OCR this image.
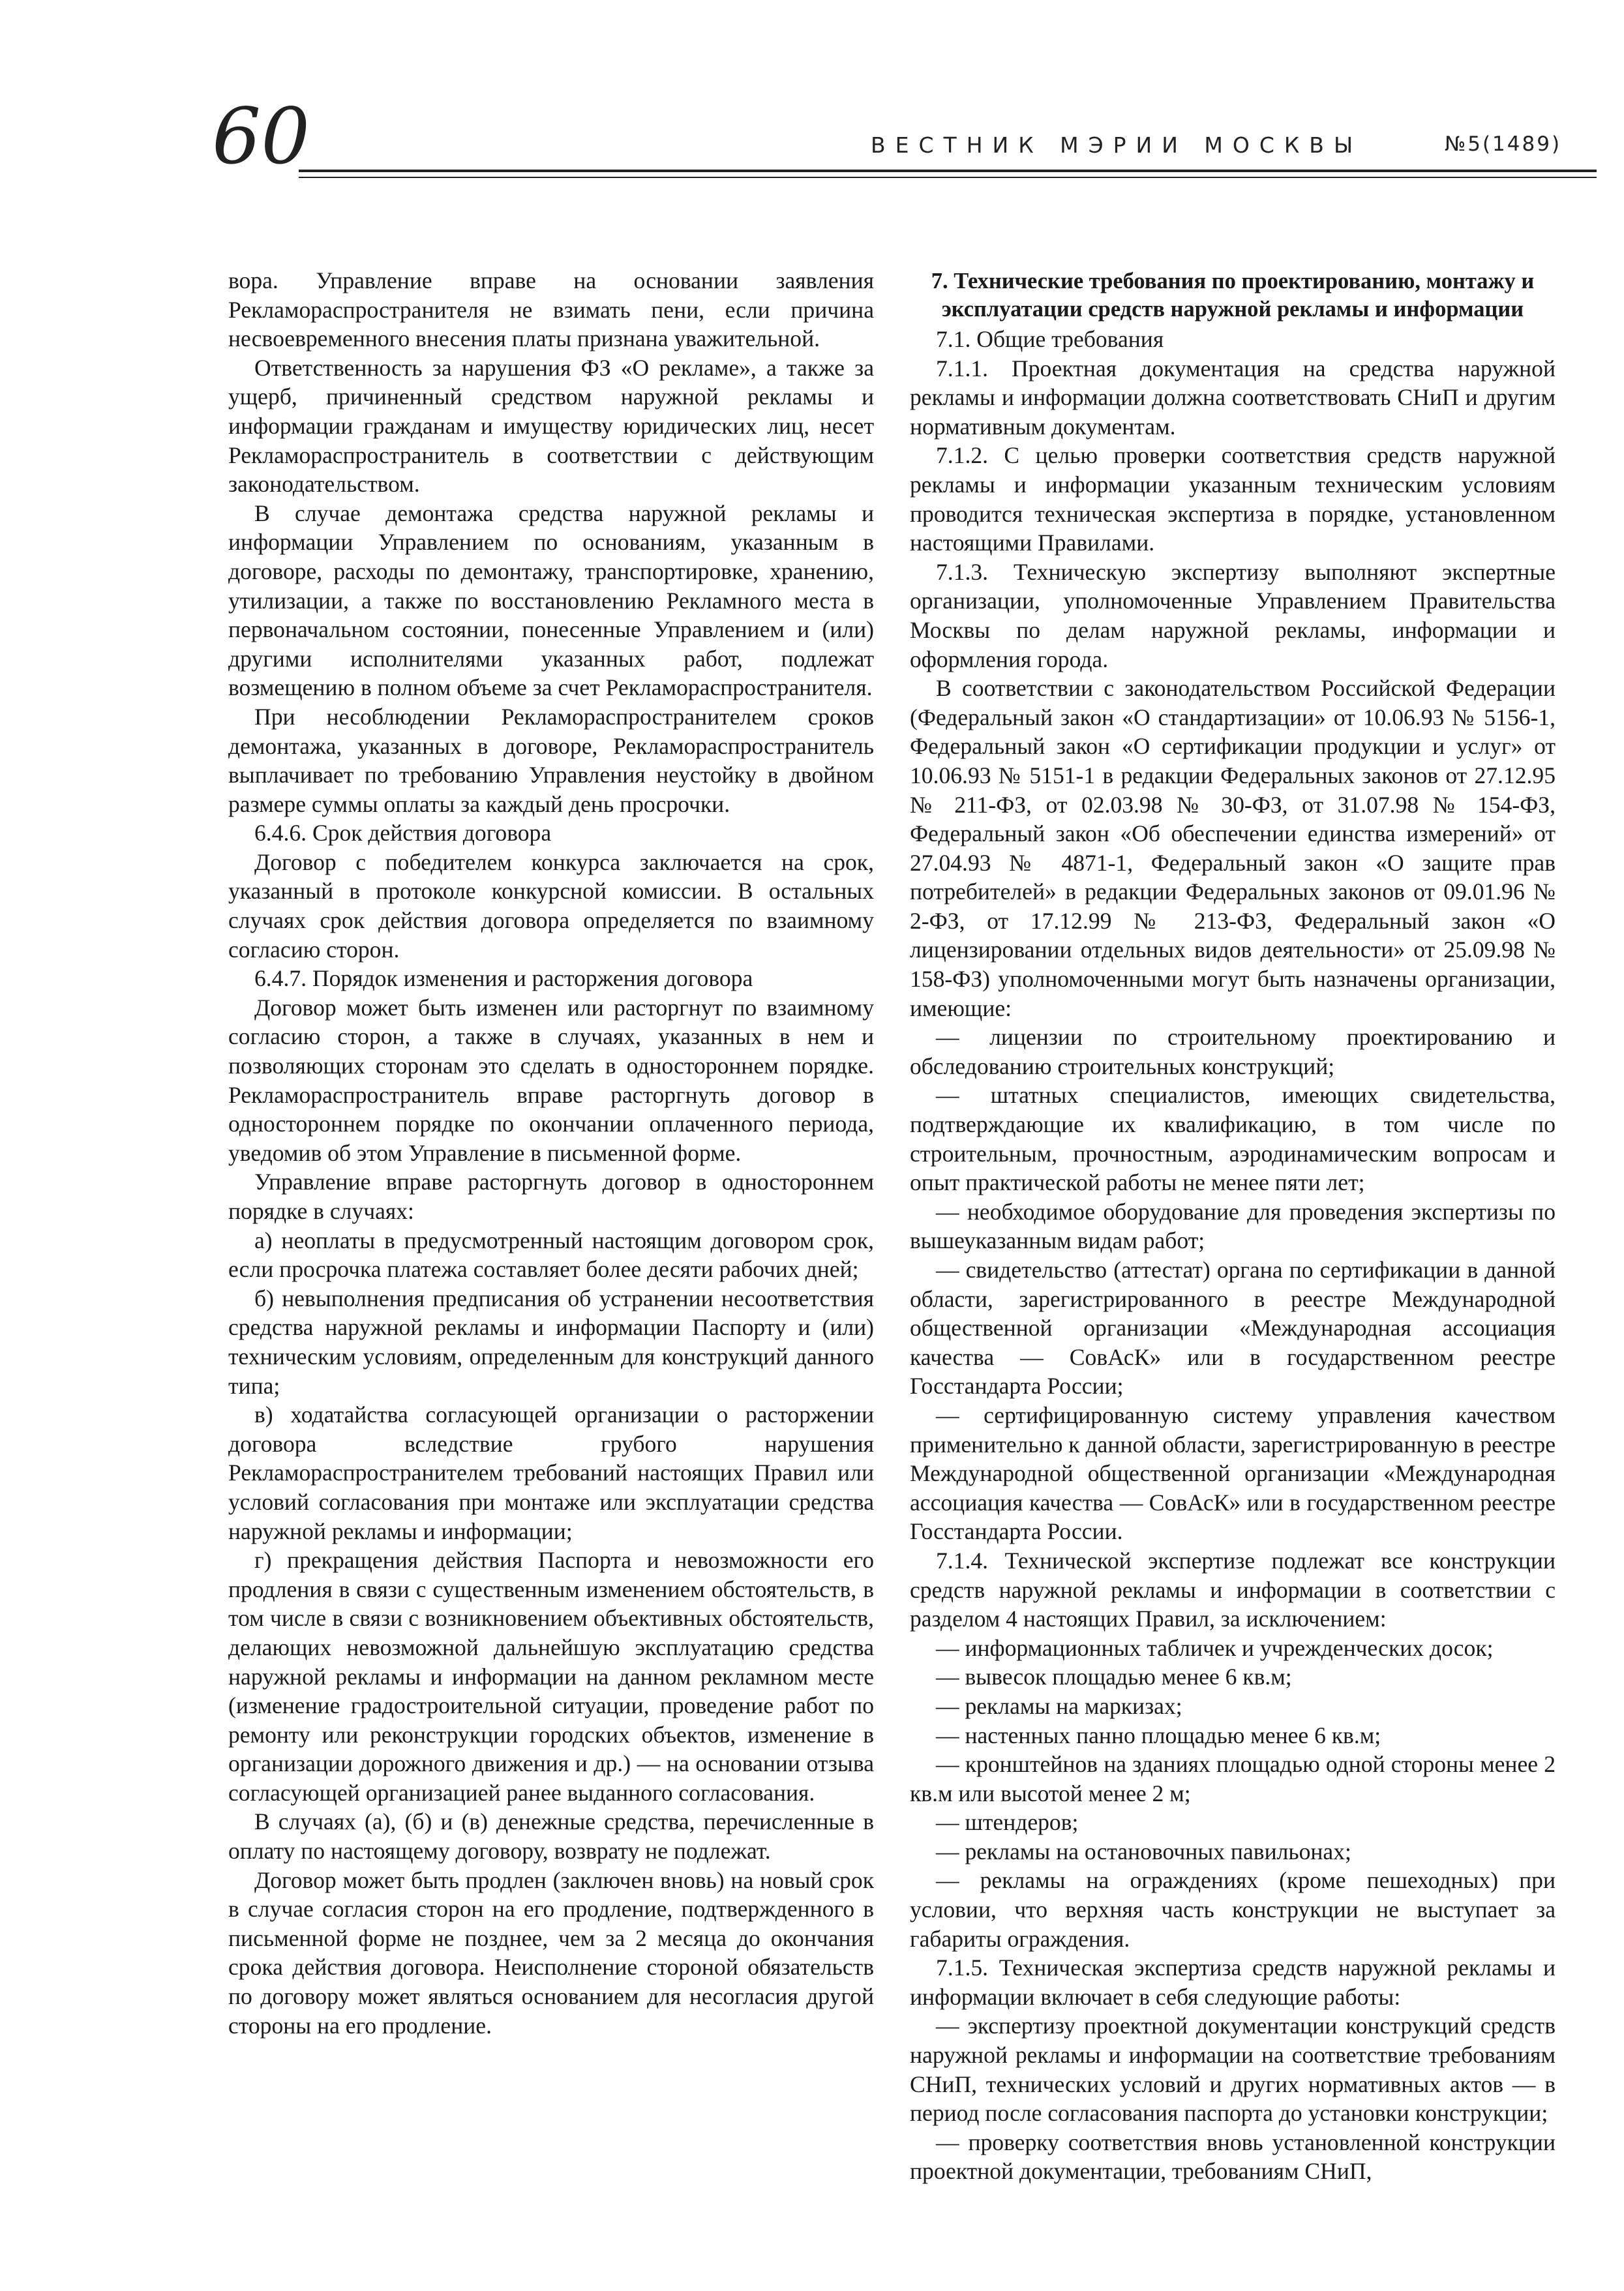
60	ВЕСТНИК МЭРИИ МОСКВЫ	№5(1489)

вора. Управление вправе на основании заявления Рекламораспространителя не взимать пени, если причина несвоевременного внесения платы признана уважительной.

Ответственность за нарушения ФЗ «О рекламе», а также за ущерб, причиненный средством наружной рекламы и информации гражданам и имуществу юридических лиц, несет Рекламораспространитель в соответствии с действующим законодательством.

В случае демонтажа средства наружной рекламы и информации Управлением по основаниям, указанным в договоре, расходы по демонтажу, транспортировке, хранению, утилизации, а также по восстановлению Рекламного места в первоначальном состоянии, понесенные Управлением и (или) другими исполнителями указанных работ, подлежат возмещению в полном объеме за счет Рекламораспространителя.

При несоблюдении Рекламораспространителем сроков демонтажа, указанных в договоре, Рекламораспространитель выплачивает по требованию Управления неустойку в двойном размере суммы оплаты за каждый день просрочки.

6.4.6. Срок действия договора

Договор с победителем конкурса заключается на срок, указанный в протоколе конкурсной комиссии. В остальных случаях срок действия договора определяется по взаимному согласию сторон.

6.4.7. Порядок изменения и расторжения договора

Договор может быть изменен или расторгнут по взаимному согласию сторон, а также в случаях, указанных в нем и позволяющих сторонам это сделать в одностороннем порядке. Рекламораспространитель вправе расторгнуть договор в одностороннем порядке по окончании оплаченного периода, уведомив об этом Управление в письменной форме.

Управление вправе расторгнуть договор в одностороннем порядке в случаях:

а) неоплаты в предусмотренный настоящим договором срок, если просрочка платежа составляет более десяти рабочих дней;

б) невыполнения предписания об устранении несоответствия средства наружной рекламы и информации Паспорту и (или) техническим условиям, определенным для конструкций данного типа;

в) ходатайства согласующей организации о расторжении договора вследствие грубого нарушения Рекламораспространителем требований настоящих Правил или условий согласования при монтаже или эксплуатации средства наружной рекламы и информации;

г) прекращения действия Паспорта и невозможности его продления в связи с существенным изменением обстоятельств, в том числе в связи с возникновением объективных обстоятельств, делающих невозможной дальнейшую эксплуатацию средства наружной рекламы и информации на данном рекламном месте (изменение градостроительной ситуации, проведение работ по ремонту или реконструкции городских объектов, изменение в организации дорожного движения и др.) — на основании отзыва согласующей организацией ранее выданного согласования.

В случаях (а), (б) и (в) денежные средства, перечисленные в оплату по настоящему договору, возврату не подлежат.

Договор может быть продлен (заключен вновь) на новый срок в случае согласия сторон на его продление, подтвержденного в письменной форме не позднее, чем за 2 месяца до окончания срока действия договора. Неисполнение стороной обязательств по договору может являться основанием для несогласия другой стороны на его продление.

7. Технические требования по проектированию, монтажу и эксплуатации средств наружной рекламы и информации

7.1. Общие требования

7.1.1. Проектная документация на средства наружной рекламы и информации должна соответствовать СНиП и другим нормативным документам.

7.1.2. С целью проверки соответствия средств наружной рекламы и информации указанным техническим условиям проводится техническая экспертиза в порядке, установленном настоящими Правилами.

7.1.3. Техническую экспертизу выполняют экспертные организации, уполномоченные Управлением Правительства Москвы по делам наружной рекламы, информации и оформления города.

В соответствии с законодательством Российской Федерации (Федеральный закон «О стандартизации» от 10.06.93 № 5156-1, Федеральный закон «О сертификации продукции и услуг» от 10.06.93 № 5151-1 в редакции Федеральных законов от 27.12.95 № 211-ФЗ, от 02.03.98 № 30-ФЗ, от 31.07.98 № 154-ФЗ, Федеральный закон «Об обеспечении единства измерений» от 27.04.93 № 4871-1, Федеральный закон «О защите прав потребителей» в редакции Федеральных законов от 09.01.96 № 2-ФЗ, от 17.12.99 № 213-ФЗ, Федеральный закон «О лицензировании отдельных видов деятельности» от 25.09.98 № 158-ФЗ) уполномоченными могут быть назначены организации, имеющие:

— лицензии по строительному проектированию и обследованию строительных конструкций;

— штатных специалистов, имеющих свидетельства, подтверждающие их квалификацию, в том числе по строительным, прочностным, аэродинамическим вопросам и опыт практической работы не менее пяти лет;

— необходимое оборудование для проведения экспертизы по вышеуказанным видам работ;

— свидетельство (аттестат) органа по сертификации в данной области, зарегистрированного в реестре Международной общественной организации «Международная ассоциация качества — СовАсК» или в государственном реестре Госстандарта России;

— сертифицированную систему управления качеством применительно к данной области, зарегистрированную в реестре Международной общественной организации «Международная ассоциация качества — СовАсК» или в государственном реестре Госстандарта России.

7.1.4. Технической экспертизе подлежат все конструкции средств наружной рекламы и информации в соответствии с разделом 4 настоящих Правил, за исключением:

— информационных табличек и учрежденческих досок;

— вывесок площадью менее 6 кв.м;

— рекламы на маркизах;

— настенных панно площадью менее 6 кв.м;

— кронштейнов на зданиях площадью одной стороны менее 2 кв.м или высотой менее 2 м;

— штендеров;

— рекламы на остановочных павильонах;

— рекламы на ограждениях (кроме пешеходных) при условии, что верхняя часть конструкции не выступает за габариты ограждения.

7.1.5. Техническая экспертиза средств наружной рекламы и информации включает в себя следующие работы:

— экспертизу проектной документации конструкций средств наружной рекламы и информации на соответствие требованиям СНиП, технических условий и других нормативных актов — в период после согласования паспорта до установки конструкции;

— проверку соответствия вновь установленной конструкции проектной документации, требованиям СНиП,
